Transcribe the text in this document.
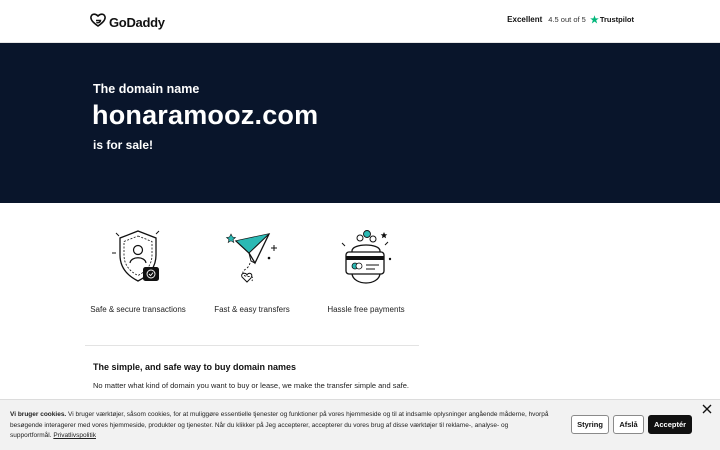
GoDaddy	Excellent 4.5 out of 5 Trustpilot
The domain name
honaramooz.com
is for sale!
Safe & secure transactions	Fast & easy transfers	Hassle free payments
The simple, and safe way to buy domain names

No matter what kind of domain you want to buy or lease, we make the transfer simple and safe.

Vi bruger cookies. Vi bruger værktøjer, såsom cookies, for at muliggøre essentielle tjenester og funktioner på vores hjemmeside og til at indsamle oplysninger angående måderne, hvorpå besøgende interagerer med vores hjemmeside, produkter og tjenester. Når du klikker på Jeg accepterer, accepterer du vores brug af disse værktøjer til reklame-, analyse- og supportformål. Privatlivspolitik
Styring	Afslå	Acceptér
